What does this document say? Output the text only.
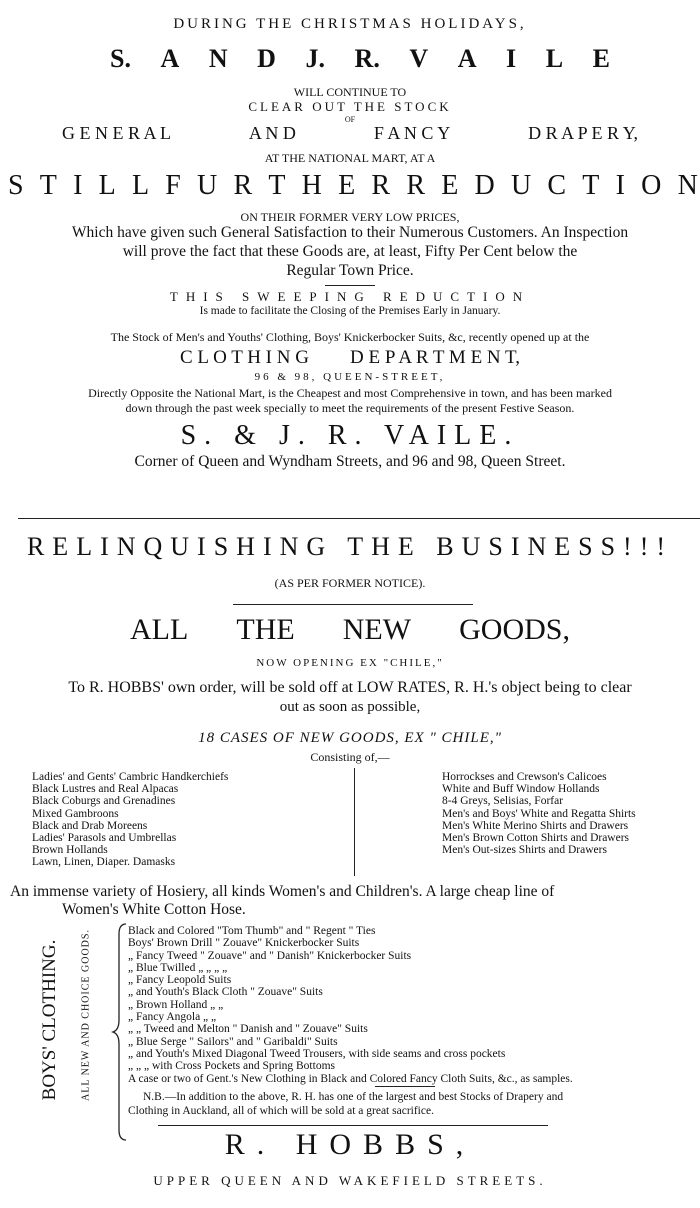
DURING THE CHRISTMAS HOLIDAYS,
S. A N D J. R. V A I L E
WILL CONTINUE TO
CLEAR OUT THE STOCK
OF
G E N E R A L	A N D	F A N C Y	D R A P E R Y,
AT THE NATIONAL MART, AT A
S T I L L F U R T H E R R E D U C T I O N
ON THEIR FORMER VERY LOW PRICES,
Which have given such General Satisfaction to their Numerous Customers. An Inspection
will prove the fact that these Goods are, at least, Fifty Per Cent below the
Regular Town Price.
THIS SWEEPING REDUCTION
Is made to facilitate the Closing of the Premises Early in January.
The Stock of Men's and Youths' Clothing, Boys' Knickerbocker Suits, &c, recently opened up at the
C L O T H I N G D E P A R T M E N T,
96 & 98, QUEEN-STREET,
Directly Opposite the National Mart, is the Cheapest and most Comprehensive in town, and has been marked
down through the past week specially to meet the requirements of the present Festive Season.
S. & J. R. VAILE.
Corner of Queen and Wyndham Streets, and 96 and 98, Queen Street.
RELINQUISHING THE BUSINESS!!!
(AS PER FORMER NOTICE).
ALL THE NEW GOODS,
NOW OPENING EX "CHILE,"
To R. HOBBS' own order, will be sold off at LOW RATES, R. H.'s object being to clear
out as soon as possible,
18 CASES OF NEW GOODS, EX " CHILE,"
Consisting of,—
Ladies' and Gents' Cambric Handkerchiefs
Black Lustres and Real Alpacas
Black Coburgs and Grenadines
Mixed Gambroons
Black and Drab Moreens
Ladies' Parasols and Umbrellas
Brown Hollands
Lawn, Linen, Diaper. Damasks
Horrockses and Crewson's Calicoes
White and Buff Window Hollands
8-4 Greys, Selisias, Forfar
Men's and Boys' White and Regatta Shirts
Men's White Merino Shirts and Drawers
Men's Brown Cotton Shirts and Drawers
Men's Out-sizes Shirts and Drawers
An immense variety of Hosiery, all kinds Women's and Children's. A large cheap line of
Women's White Cotton Hose.
BOYS' CLOTHING. ALL NEW AND CHOICE GOODS.	Black and Colored "Tom Thumb" and " Regent " Ties
Boys' Brown Drill " Zouave" Knickerbocker Suits
„ Fancy Tweed " Zouave" and " Danish" Knickerbocker Suits
„ Blue Twilled „ „ „ „
„ Fancy Leopold Suits
„ and Youth's Black Cloth " Zouave" Suits
„ Brown Holland „ „
„ Fancy Angola „ „
„ „ Tweed and Melton " Danish and " Zouave" Suits
„ Blue Serge " Sailors" and " Garibaldi" Suits
„ and Youth's Mixed Diagonal Tweed Trousers, with side seams and cross pockets
„ „ „ with Cross Pockets and Spring Bottoms
A case or two of Gent.'s New Clothing in Black and Colored Fancy Cloth Suits, &c., as samples.
N.B.—In addition to the above, R. H. has one of the largest and best Stocks of Drapery and
Clothing in Auckland, all of which will be sold at a great sacrifice.
R. HOBBS,
UPPER QUEEN AND WAKEFIELD STREETS.
